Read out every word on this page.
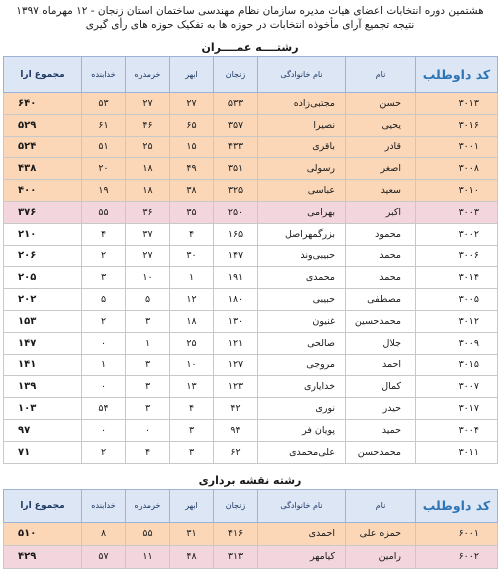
هشتمین دوره انتخابات اعضای هیات مدیره سازمان نظام مهندسی ساختمان استان زنجان - ۱۲ مهرماه ۱۳۹۷
نتیجه تجمیع آرای مأخوذه انتخابات در حوزه ها به تفکیک حوزه های رأی گیری
رشتــــه عمــــران
کد داوطلب	نام	نام خانوادگی	زنجان	ابهر	خرمدره	خدابنده	مجموع ارا
۳۰۱۳	حسن	مجتبی‌زاده	۵۳۳	۲۷	۲۷	۵۳	۶۴۰
۳۰۱۶	یحیی	نصیرا	۳۵۷	۶۵	۴۶	۶۱	۵۲۹
۳۰۰۱	قادر	باقری	۴۳۳	۱۵	۲۵	۵۱	۵۲۴
۳۰۰۸	اصغر	رسولی	۳۵۱	۴۹	۱۸	۲۰	۴۳۸
۳۰۱۰	سعید	عباسی	۳۲۵	۳۸	۱۸	۱۹	۴۰۰
۳۰۰۳	اکبر	بهرامی	۲۵۰	۳۵	۳۶	۵۵	۳۷۶
۳۰۰۲	محمود	بزرگمهراصل	۱۶۵	۴	۳۷	۴	۲۱۰
۳۰۰۶	محمد	حبیبی‌وند	۱۴۷	۳۰	۲۷	۲	۲۰۶
۳۰۱۴	محمد	محمدی	۱۹۱	۱	۱۰	۳	۲۰۵
۳۰۰۵	مصطفی	حبیبی	۱۸۰	۱۲	۵	۵	۲۰۲
۳۰۱۲	محمدحسین	غنیون	۱۳۰	۱۸	۳	۲	۱۵۳
۳۰۰۹	جلال	صالحی	۱۲۱	۲۵	۱	۰	۱۴۷
۳۰۱۵	احمد	مروجی	۱۲۷	۱۰	۳	۱	۱۴۱
۳۰۰۷	کمال	خدایاری	۱۲۳	۱۳	۳	۰	۱۳۹
۳۰۱۷	حیدر	نوری	۴۲	۴	۳	۵۴	۱۰۳
۳۰۰۴	حمید	پویان فر	۹۴	۳	۰	۰	۹۷
۳۰۱۱	محمدحسن	علی‌محمدی	۶۲	۳	۴	۲	۷۱
رشته نقشه برداری
کد داوطلب	نام	نام خانوادگی	زنجان	ابهر	خرمدره	خدابنده	مجموع ارا
۶۰۰۱	حمزه علی	احمدی	۴۱۶	۳۱	۵۵	۸	۵۱۰
۶۰۰۲	رامین	کیامهر	۳۱۳	۴۸	۱۱	۵۷	۴۲۹
